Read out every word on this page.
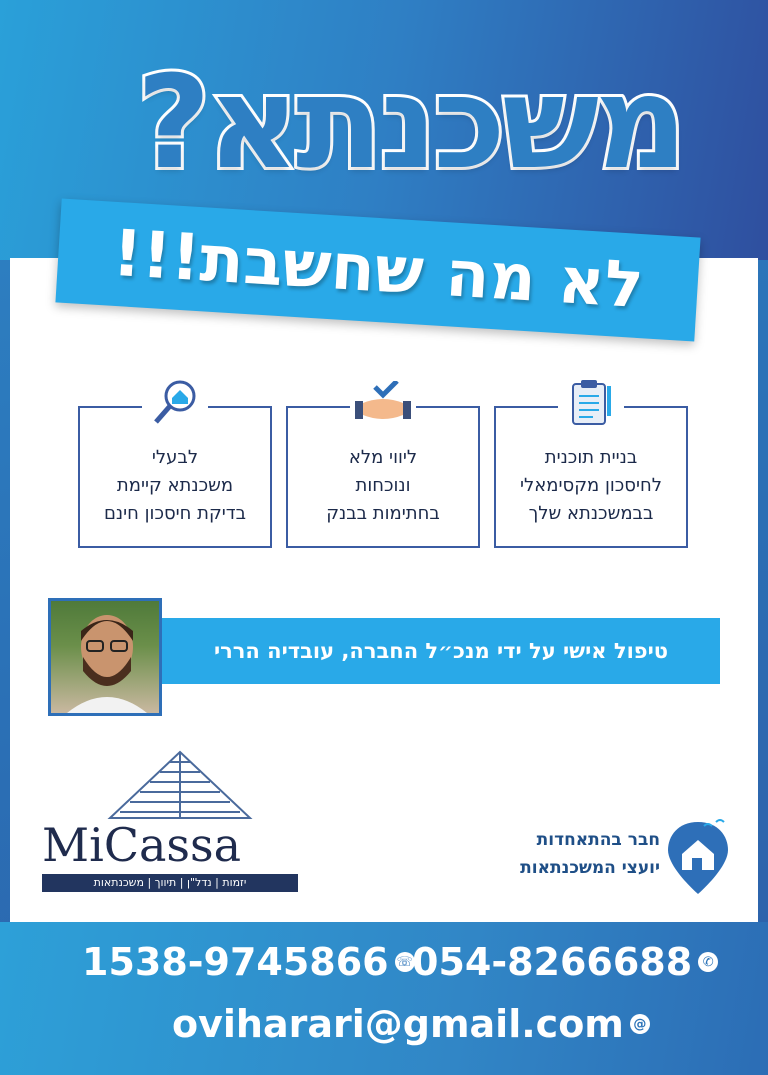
משכנתא?
לא מה שחשבת!!!
בניית תוכנית
לחיסכון מקסימאלי
בבמשכנתא שלך
ליווי מלא
ונוכחות
בחתימות בבנק
לבעלי
משכנתא קיימת
בדיקת חיסכון חינם
טיפול אישי על ידי מנכ״ל החברה, עובדיה הררי
MiCassa
יזמות | נדל"ן | תיווך | משכנתאות
חבר בהתאחדות
יועצי המשכנתאות
1538-9745866 ☏ 054-8266688 ✆
oviharari@gmail.com @
